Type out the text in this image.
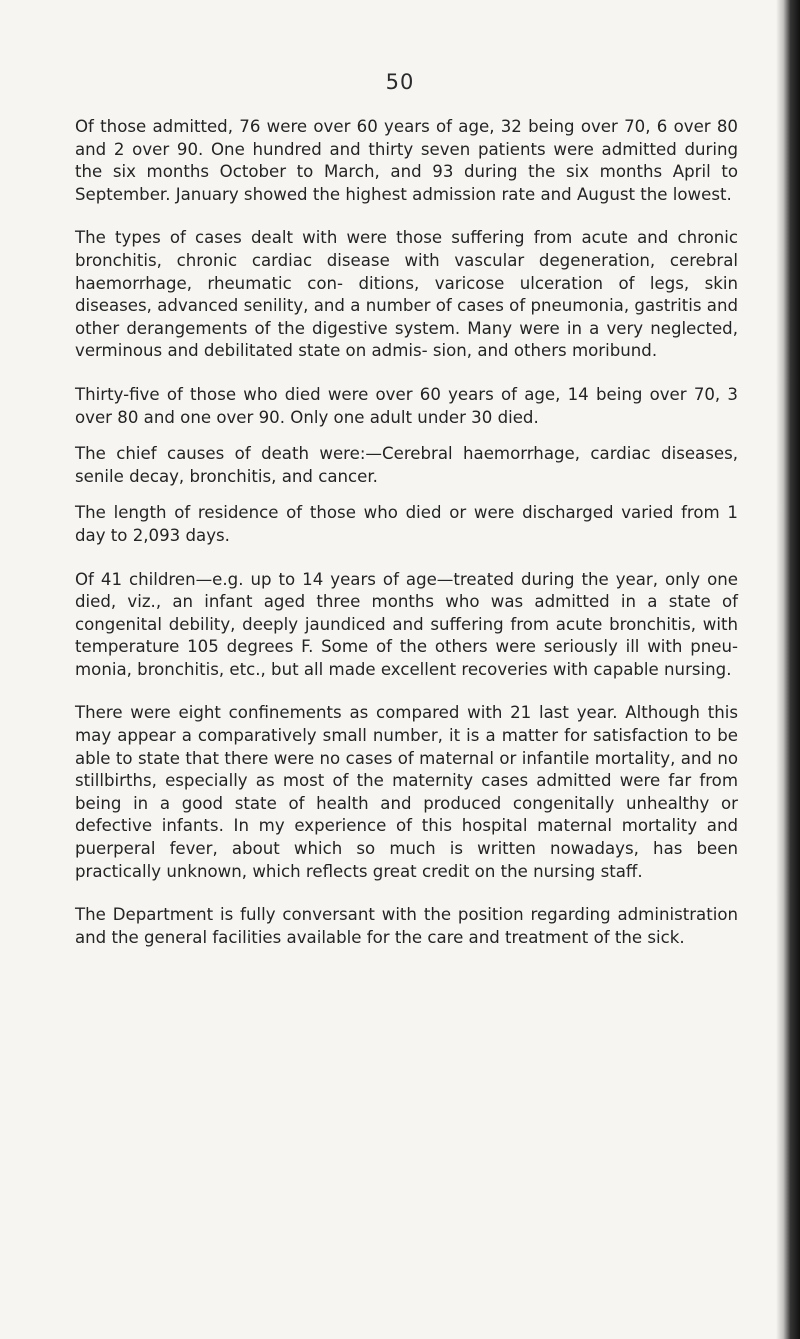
50

Of those admitted, 76 were over 60 years of age, 32 being over 70, 6 over 80 and 2 over 90. One hundred and thirty seven patients were admitted during the six months October to March, and 93 during the six months April to September. January showed the highest admission rate and August the lowest.

The types of cases dealt with were those suffering from acute and chronic bronchitis, chronic cardiac disease with vascular degeneration, cerebral haemorrhage, rheumatic con- ditions, varicose ulceration of legs, skin diseases, advanced senility, and a number of cases of pneumonia, gastritis and other derangements of the digestive system. Many were in a very neglected, verminous and debilitated state on admis- sion, and others moribund.

Thirty-five of those who died were over 60 years of age, 14 being over 70, 3 over 80 and one over 90. Only one adult under 30 died.

The chief causes of death were:—Cerebral haemorrhage, cardiac diseases, senile decay, bronchitis, and cancer.

The length of residence of those who died or were discharged varied from 1 day to 2,093 days.

Of 41 children—e.g. up to 14 years of age—treated during the year, only one died, viz., an infant aged three months who was admitted in a state of congenital debility, deeply jaundiced and suffering from acute bronchitis, with temperature 105 degrees F. Some of the others were seriously ill with pneu- monia, bronchitis, etc., but all made excellent recoveries with capable nursing.

There were eight confinements as compared with 21 last year. Although this may appear a comparatively small number, it is a matter for satisfaction to be able to state that there were no cases of maternal or infantile mortality, and no stillbirths, especially as most of the maternity cases admitted were far from being in a good state of health and produced congenitally unhealthy or defective infants. In my experience of this hospital maternal mortality and puerperal fever, about which so much is written nowadays, has been practically unknown, which reflects great credit on the nursing staff.

The Department is fully conversant with the position regarding administration and the general facilities available for the care and treatment of the sick.
